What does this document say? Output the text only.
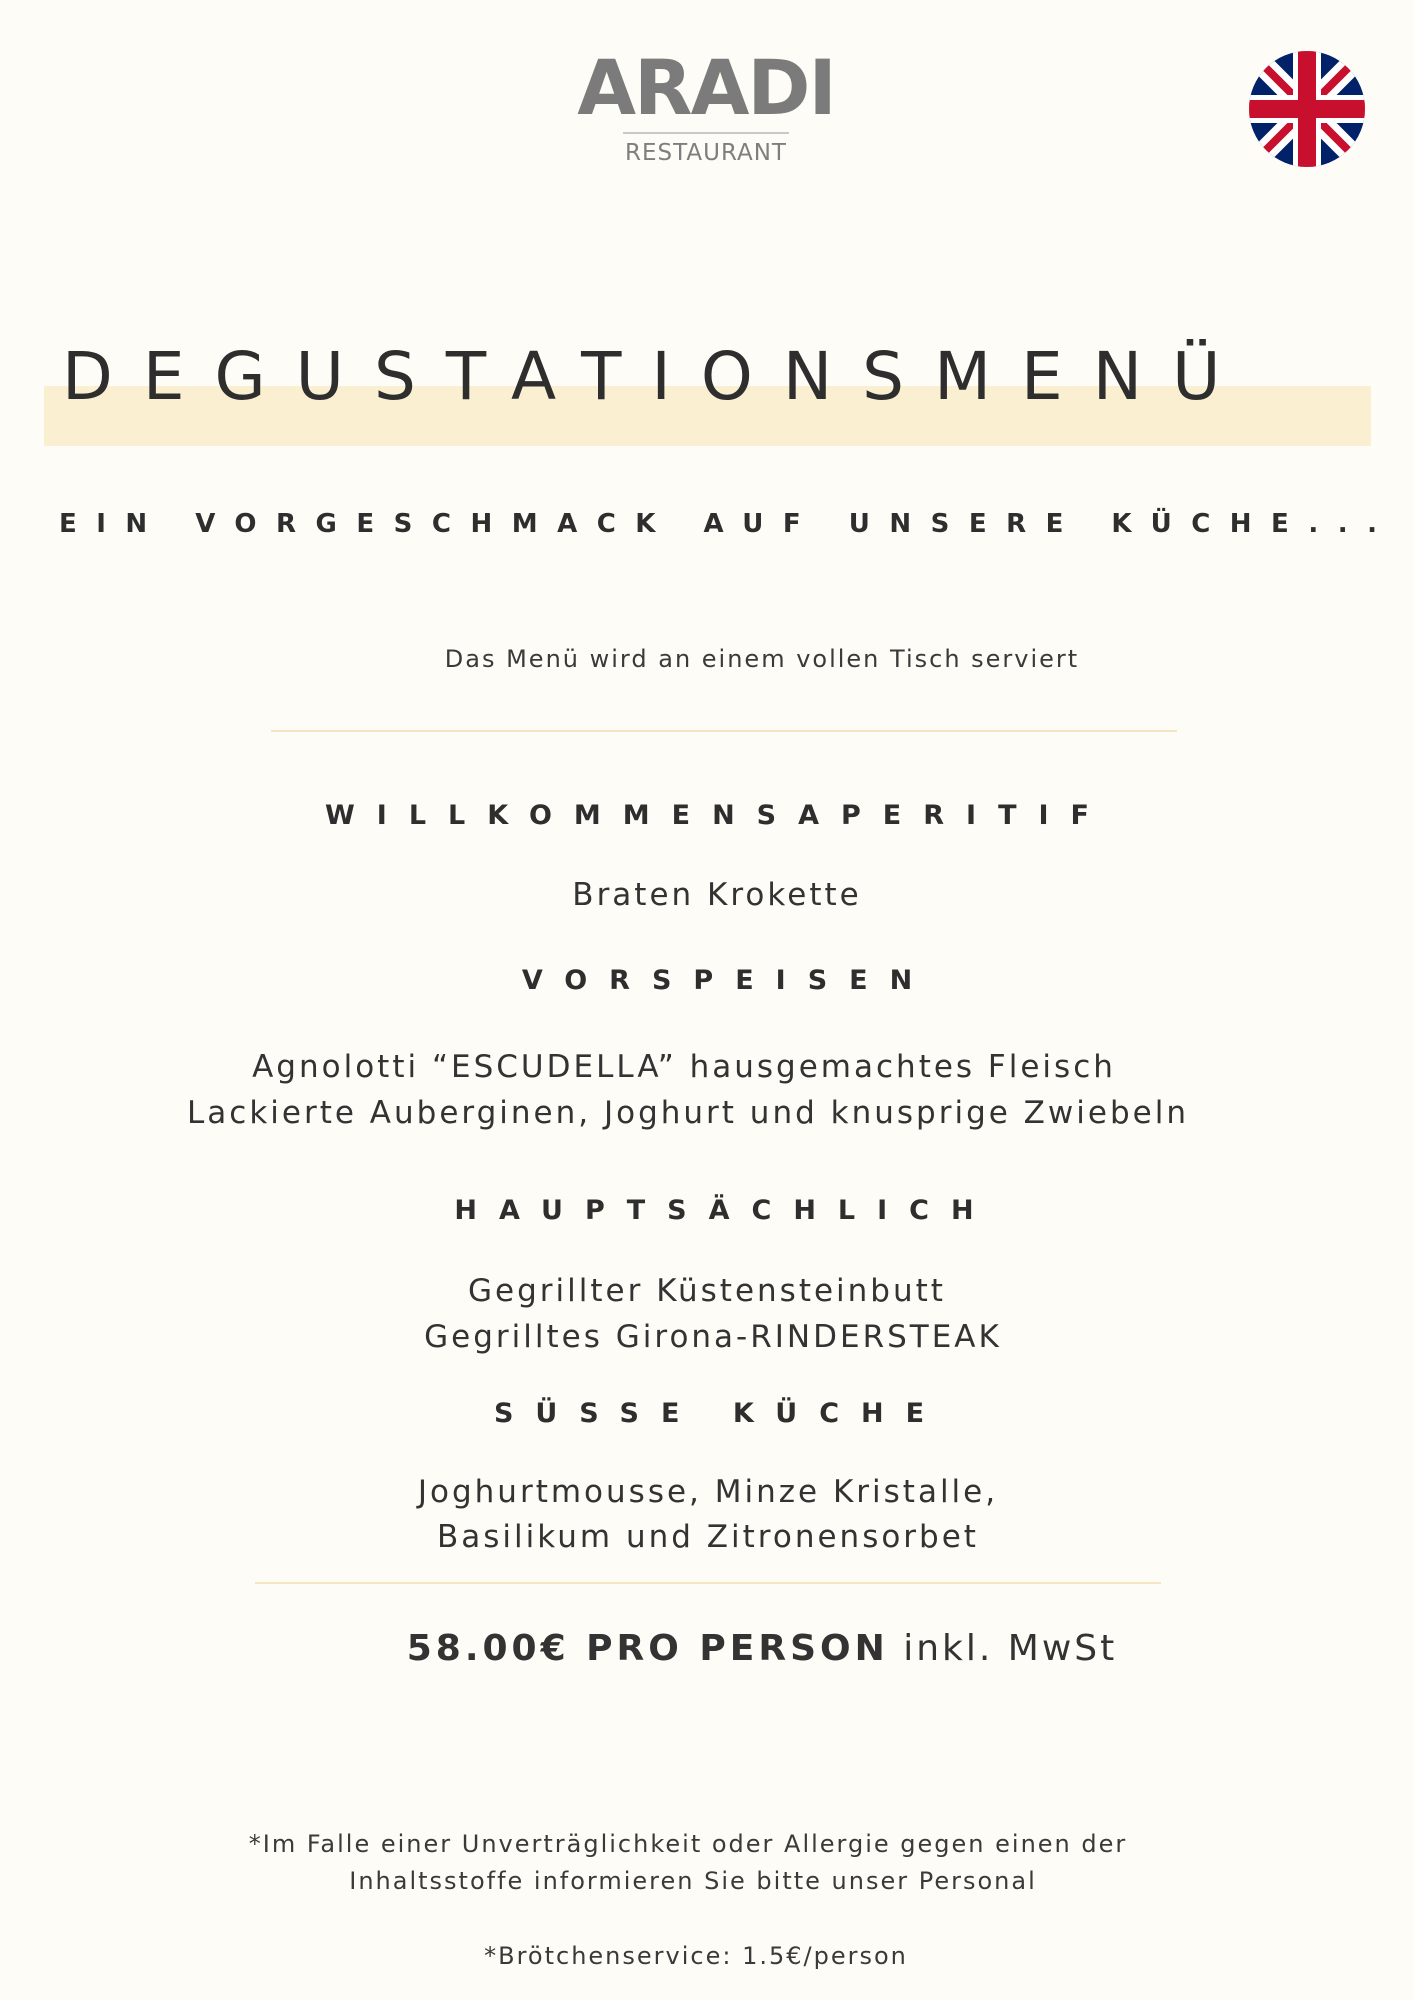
ARADI
RESTAURANT
DEGUSTATIONSMENÜ
EIN VORGESCHMACK AUF UNSERE KÜCHE...
Das Menü wird an einem vollen Tisch serviert
WILLKOMMENSAPERITIF
Braten Krokette
VORSPEISEN
Agnolotti “ESCUDELLA” hausgemachtes Fleisch
Lackierte Auberginen, Joghurt und knusprige Zwiebeln
HAUPTSÄCHLICH
Gegrillter Küstensteinbutt
Gegrilltes Girona-RINDERSTEAK
SÜSSE KÜCHE
Joghurtmousse, Minze Kristalle,
Basilikum und Zitronensorbet
58.00€ PRO PERSON inkl. MwSt
*Im Falle einer Unverträglichkeit oder Allergie gegen einen der
Inhaltsstoffe informieren Sie bitte unser Personal
*Brötchenservice: 1.5€/person
